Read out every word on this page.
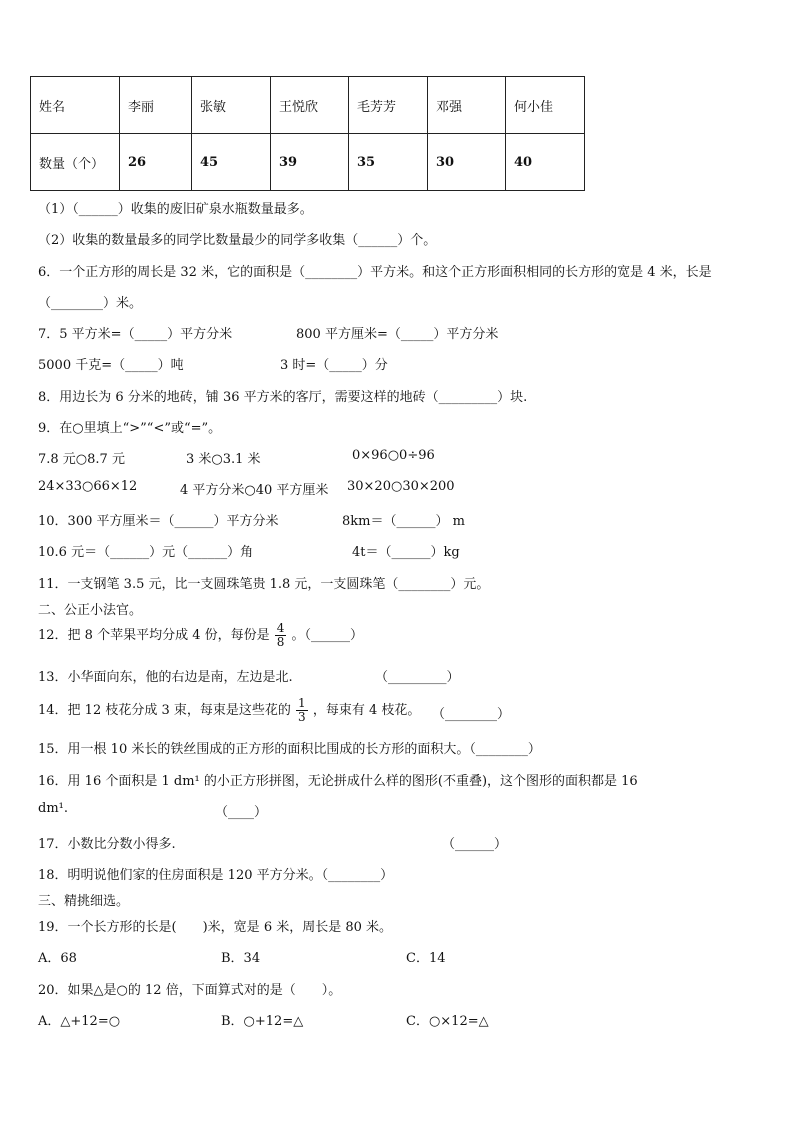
姓名	李丽	张敏	王悦欣	毛芳芳	邓强	何小佳
数量（个）	26	45	39	35	30	40
（1）（______）收集的废旧矿泉水瓶数量最多。
（2）收集的数量最多的同学比数量最少的同学多收集（______）个。
6．一个正方形的周长是 32 米，它的面积是（________）平方米。和这个正方形面积相同的长方形的宽是 4 米，长是
（________）米。
7．5 平方米=（_____）平方分米	800 平方厘米=（_____）平方分米
5000 千克=（_____）吨	3 时=（_____）分
8．用边长为 6 分米的地砖，铺 36 平方米的客厅，需要这样的地砖（_________）块.
9．在○里填上“>”“<”或“=”。
7.8 元○8.7 元	3 米○3.1 米	0×96○0÷96
24×33○66×12	4 平方分米○40 平方厘米 30×20○30×200
10．300 平方厘米＝（______）平方分米	8km＝（______） m
10.6 元＝（______）元（______）角	4t＝（______）kg
11．一支钢笔 3.5 元，比一支圆珠笔贵 1.8 元，一支圆珠笔（________）元。
二、公正小法官。
12．把 8 个苹果平均分成 4 份，每份是 $\frac{4}{8}$ 。（______）
13．小华面向东，他的右边是南，左边是北.	（_________）
14．把 12 枝花分成 3 束，每束是这些花的 $\frac{1}{3}$ ，每束有 4 枝花。 （________）
15．用一根 10 米长的铁丝围成的正方形的面积比围成的长方形的面积大。（________）
16．用 16 个面积是 1 dm¹ 的小正方形拼图，无论拼成什么样的图形(不重叠)，这个图形的面积都是 16
dm¹.	（____）
17．小数比分数小得多.	（______）
18．明明说他们家的住房面积是 120 平方分米。（________）
三、精挑细选。
19．一个长方形的长是(　　)米，宽是 6 米，周长是 80 米。
A．68	B．34	C．14
20．如果△是○的 12 倍，下面算式对的是（　　）。
A．△+12=○	B．○+12=△	C．○×12=△
